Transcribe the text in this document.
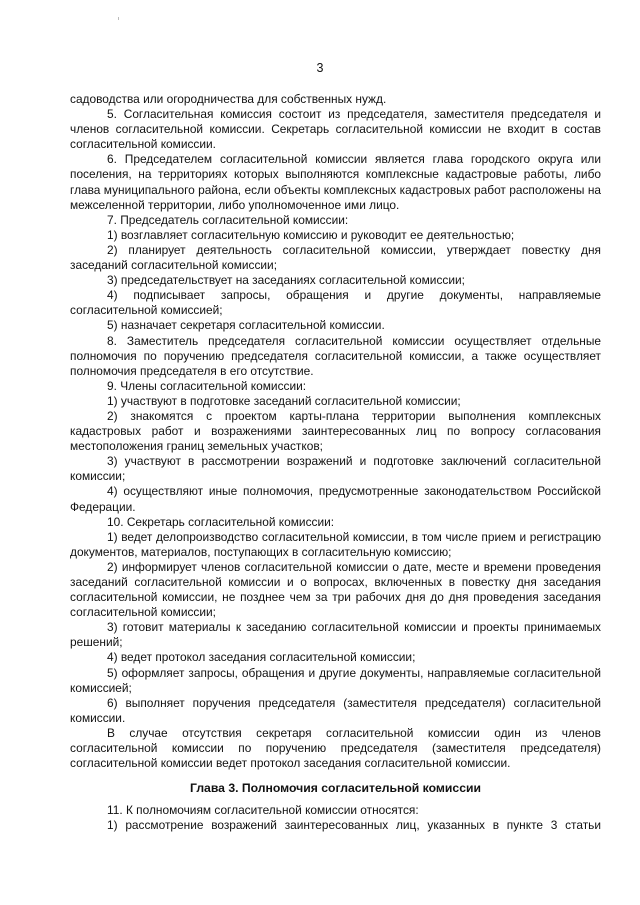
3

садоводства или огородничества для собственных нужд.

5. Согласительная комиссия состоит из председателя, заместителя председателя и членов согласительной комиссии. Секретарь согласительной комиссии не входит в состав согласительной комиссии.

6. Председателем согласительной комиссии является глава городского округа или поселения, на территориях которых выполняются комплексные кадастровые работы, либо глава муниципального района, если объекты комплексных кадастровых работ расположены на межселенной территории, либо уполномоченное ими лицо.

7. Председатель согласительной комиссии:

1) возглавляет согласительную комиссию и руководит ее деятельностью;

2) планирует деятельность согласительной комиссии, утверждает повестку дня заседаний согласительной комиссии;

3) председательствует на заседаниях согласительной комиссии;

4) подписывает запросы, обращения и другие документы, направляемые согласительной комиссией;

5) назначает секретаря согласительной комиссии.

8. Заместитель председателя согласительной комиссии осуществляет отдельные полномочия по поручению председателя согласительной комиссии, а также осуществляет полномочия председателя в его отсутствие.

9. Члены согласительной комиссии:

1) участвуют в подготовке заседаний согласительной комиссии;

2) знакомятся с проектом карты-плана территории выполнения комплексных кадастровых работ и возражениями заинтересованных лиц по вопросу согласования местоположения границ земельных участков;

3) участвуют в рассмотрении возражений и подготовке заключений согласительной комиссии;

4) осуществляют иные полномочия, предусмотренные законодательством Российской Федерации.

10. Секретарь согласительной комиссии:

1) ведет делопроизводство согласительной комиссии, в том числе прием и регистрацию документов, материалов, поступающих в согласительную комиссию;

2) информирует членов согласительной комиссии о дате, месте и времени проведения заседаний согласительной комиссии и о вопросах, включенных в повестку дня заседания согласительной комиссии, не позднее чем за три рабочих дня до дня проведения заседания согласительной комиссии;

3) готовит материалы к заседанию согласительной комиссии и проекты принимаемых решений;

4) ведет протокол заседания согласительной комиссии;

5) оформляет запросы, обращения и другие документы, направляемые согласительной комиссией;

6) выполняет поручения председателя (заместителя председателя) согласительной комиссии.

В случае отсутствия секретаря согласительной комиссии один из членов согласительной комиссии по поручению председателя (заместителя председателя) согласительной комиссии ведет протокол заседания согласительной комиссии.

Глава 3. Полномочия согласительной комиссии

11. К полномочиям согласительной комиссии относятся:

1) рассмотрение возражений заинтересованных лиц, указанных в пункте 3 статьи
